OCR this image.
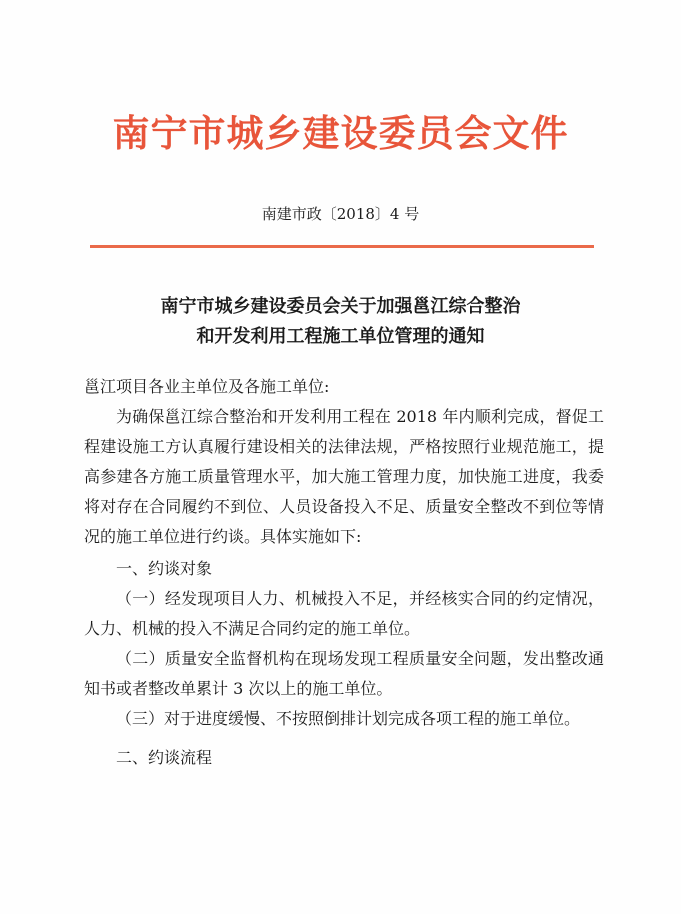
南宁市城乡建设委员会文件
南建市政〔2018〕4 号
南宁市城乡建设委员会关于加强邕江综合整治
和开发利用工程施工单位管理的通知

邕江项目各业主单位及各施工单位:

为确保邕江综合整治和开发利用工程在 2018 年内顺利完成，督促工程建设施工方认真履行建设相关的法律法规，严格按照行业规范施工，提高参建各方施工质量管理水平，加大施工管理力度，加快施工进度，我委将对存在合同履约不到位、人员设备投入不足、质量安全整改不到位等情况的施工单位进行约谈。具体实施如下:

一、约谈对象

（一）经发现项目人力、机械投入不足，并经核实合同的约定情况，人力、机械的投入不满足合同约定的施工单位。

（二）质量安全监督机构在现场发现工程质量安全问题，发出整改通知书或者整改单累计 3 次以上的施工单位。

（三）对于进度缓慢、不按照倒排计划完成各项工程的施工单位。

二、约谈流程
